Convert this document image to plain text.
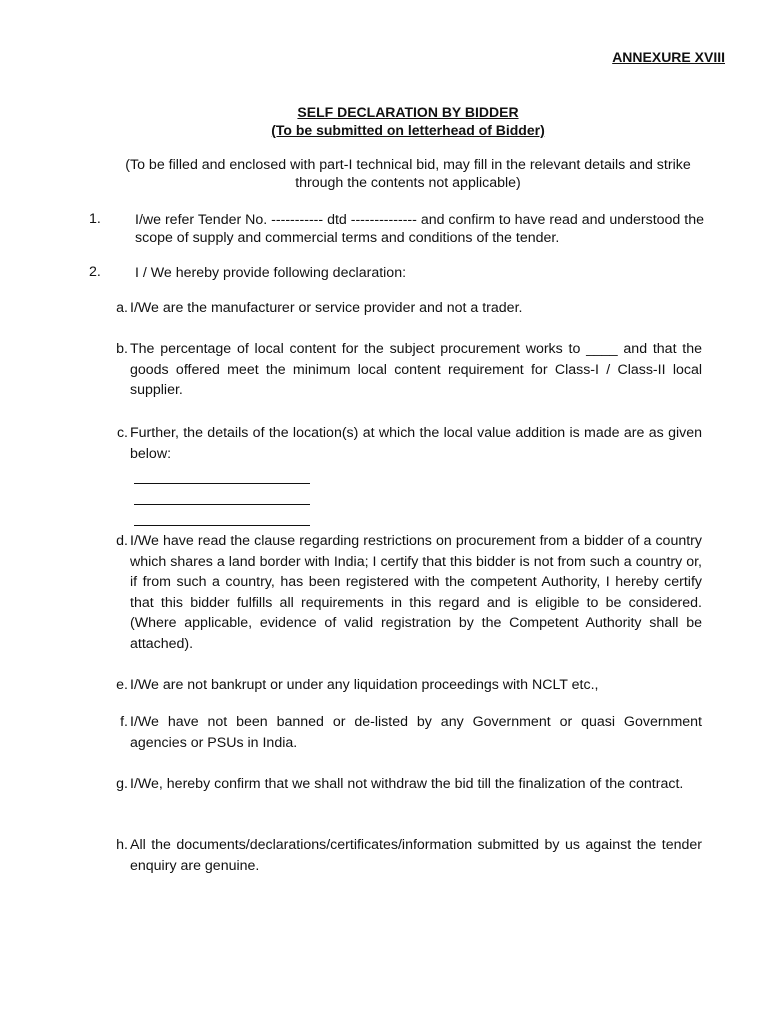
ANNEXURE XVIII
SELF DECLARATION BY BIDDER
(To be submitted on letterhead of Bidder)
(To be filled and enclosed with part-I technical bid, may fill in the relevant details and strike through the contents not applicable)
1. I/we refer Tender No. ----------- dtd -------------- and confirm to have read and understood the scope of supply and commercial terms and conditions of the tender.
2. I / We hereby provide following declaration:
a. I/We are the manufacturer or service provider and not a trader.
b. The percentage of local content for the subject procurement works to ____ and that the goods offered meet the minimum local content requirement for Class-I / Class-II local supplier.
c. Further, the details of the location(s) at which the local value addition is made are as given below:
d. I/We have read the clause regarding restrictions on procurement from a bidder of a country which shares a land border with India; I certify that this bidder is not from such a country or, if from such a country, has been registered with the competent Authority, I hereby certify that this bidder fulfills all requirements in this regard and is eligible to be considered. (Where applicable, evidence of valid registration by the Competent Authority shall be attached).
e. I/We are not bankrupt or under any liquidation proceedings with NCLT etc.,
f. I/We have not been banned or de-listed by any Government or quasi Government agencies or PSUs in India.
g. I/We, hereby confirm that we shall not withdraw the bid till the finalization of the contract.
h. All the documents/declarations/certificates/information submitted by us against the tender enquiry are genuine.
